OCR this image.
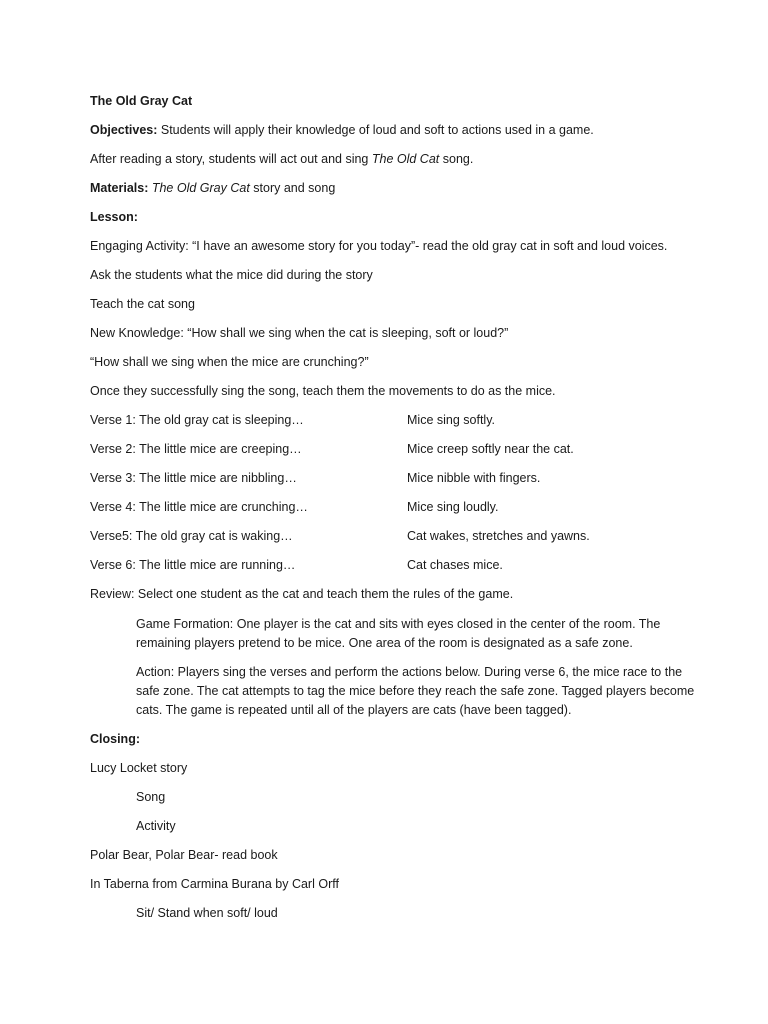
The Old Gray Cat
Objectives: Students will apply their knowledge of loud and soft to actions used in a game.
After reading a story, students will act out and sing The Old Cat song.
Materials: The Old Gray Cat story and song
Lesson:
Engaging Activity: “I have an awesome story for you today”- read the old gray cat in soft and loud voices.
Ask the students what the mice did during the story
Teach the cat song
New Knowledge: “How shall we sing when the cat is sleeping, soft or loud?”
“How shall we sing when the mice are crunching?”
Once they successfully sing the song, teach them the movements to do as the mice.
Verse 1: The old gray cat is sleeping…	Mice sing softly.
Verse 2: The little mice are creeping…	Mice creep softly near the cat.
Verse 3: The little mice are nibbling…	Mice nibble with fingers.
Verse 4: The little mice are crunching…	Mice sing loudly.
Verse5: The old gray cat is waking…	Cat wakes, stretches and yawns.
Verse 6: The little mice are running…	Cat chases mice.
Review: Select one student as the cat and teach them the rules of the game.
Game Formation: One player is the cat and sits with eyes closed in the center of the room. The remaining players pretend to be mice. One area of the room is designated as a safe zone.
Action: Players sing the verses and perform the actions below. During verse 6, the mice race to the safe zone. The cat attempts to tag the mice before they reach the safe zone. Tagged players become cats. The game is repeated until all of the players are cats (have been tagged).
Closing:
Lucy Locket story
Song
Activity
Polar Bear, Polar Bear- read book
In Taberna from Carmina Burana by Carl Orff
Sit/ Stand when soft/ loud
